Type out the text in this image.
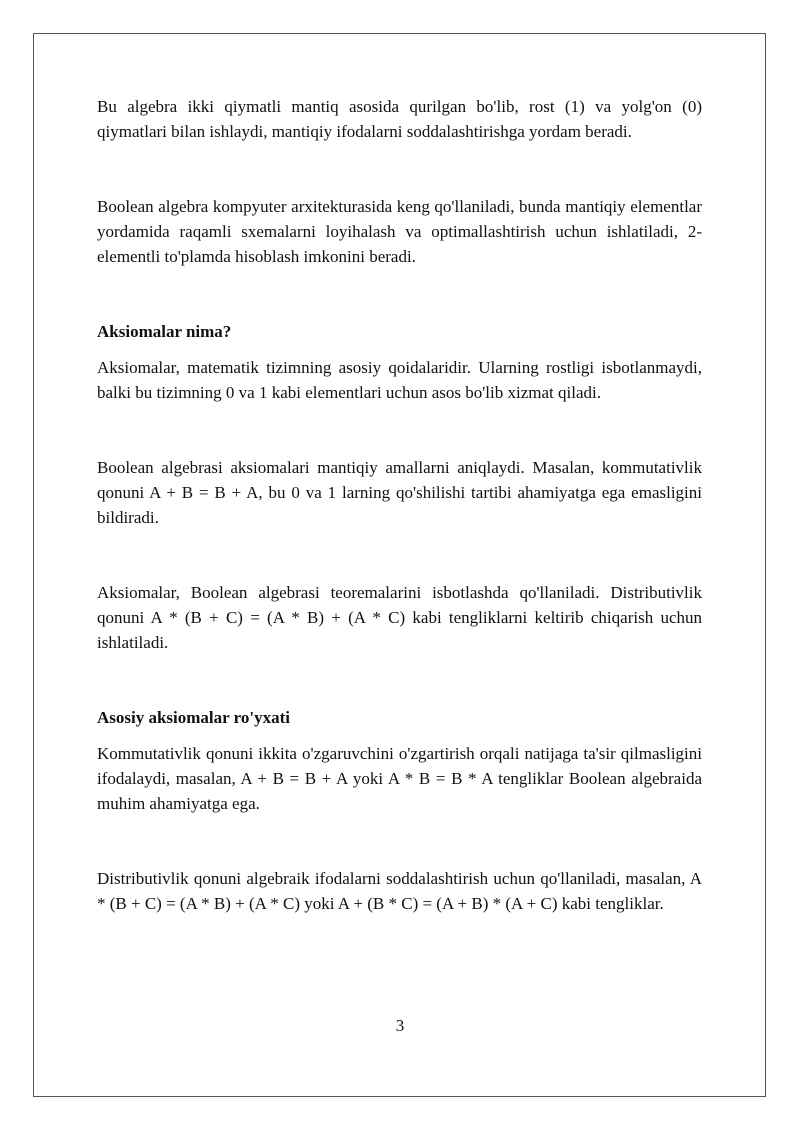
Bu algebra ikki qiymatli mantiq asosida qurilgan bo'lib, rost (1) va yolg'on (0) qiymatlari bilan ishlaydi, mantiqiy ifodalarni soddalashtirishga yordam beradi.

Boolean algebra kompyuter arxitekturasida keng qo'llaniladi, bunda mantiqiy elementlar yordamida raqamli sxemalarni loyihalash va optimallashtirish uchun ishlatiladi, 2-elementli to'plamda hisoblash imkonini beradi.

Aksiomalar nima?

Aksiomalar, matematik tizimning asosiy qoidalaridir. Ularning rostligi isbotlanmaydi, balki bu tizimning 0 va 1 kabi elementlari uchun asos bo'lib xizmat qiladi.

Boolean algebrasi aksiomalari mantiqiy amallarni aniqlaydi. Masalan, kommutativlik qonuni A + B = B + A, bu 0 va 1 larning qo'shilishi tartibi ahamiyatga ega emasligini bildiradi.

Aksiomalar, Boolean algebrasi teoremalarini isbotlashda qo'llaniladi. Distributivlik qonuni A * (B + C) = (A * B) + (A * C) kabi tengliklarni keltirib chiqarish uchun ishlatiladi.

Asosiy aksiomalar ro'yxati

Kommutativlik qonuni ikkita o'zgaruvchini o'zgartirish orqali natijaga ta'sir qilmasligini ifodalaydi, masalan, A + B = B + A yoki A * B = B * A tengliklar Boolean algebraida muhim ahamiyatga ega.

Distributivlik qonuni algebraik ifodalarni soddalashtirish uchun qo'llaniladi, masalan, A * (B + C) = (A * B) + (A * C) yoki A + (B * C) = (A + B) * (A + C) kabi tengliklar.

3
